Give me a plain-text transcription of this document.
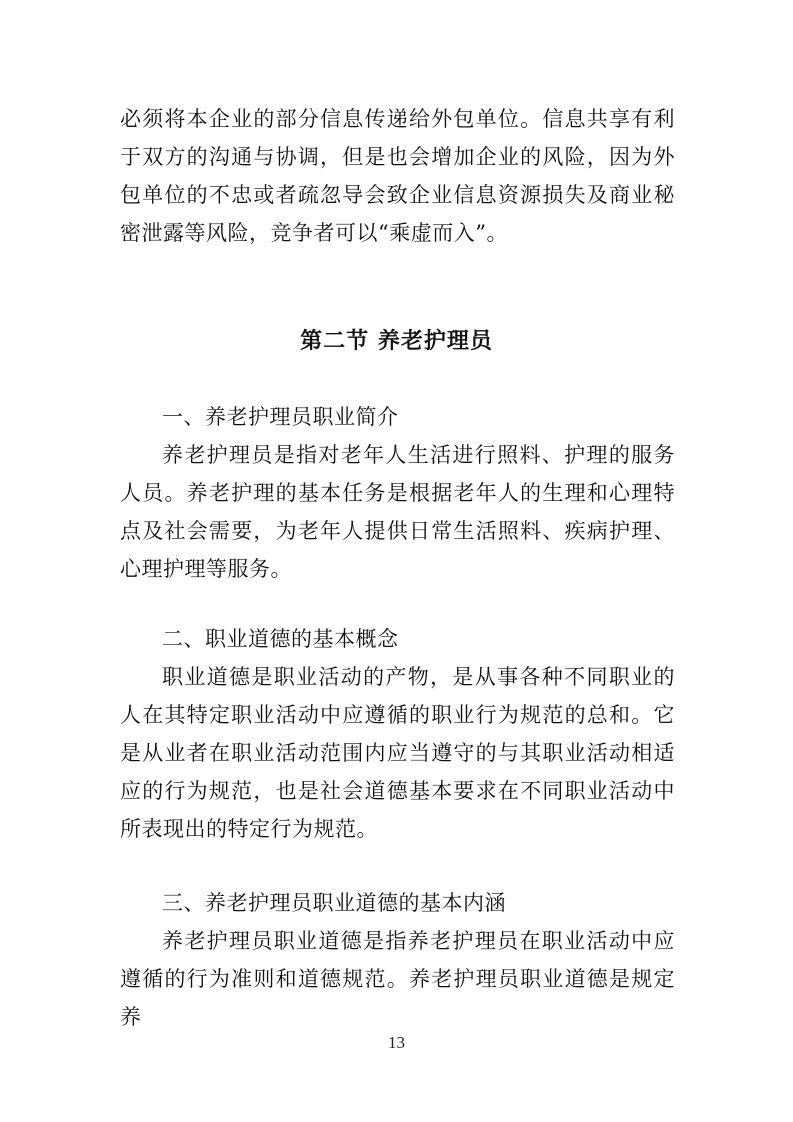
必须将本企业的部分信息传递给外包单位。信息共享有利于双方的沟通与协调，但是也会增加企业的风险，因为外包单位的不忠或者疏忽导会致企业信息资源损失及商业秘密泄露等风险，竞争者可以“乘虚而入”。

第二节 养老护理员

一、养老护理员职业简介

养老护理员是指对老年人生活进行照料、护理的服务人员。养老护理的基本任务是根据老年人的生理和心理特点及社会需要，为老年人提供日常生活照料、疾病护理、心理护理等服务。

二、职业道德的基本概念

职业道德是职业活动的产物，是从事各种不同职业的人在其特定职业活动中应遵循的职业行为规范的总和。它是从业者在职业活动范围内应当遵守的与其职业活动相适应的行为规范，也是社会道德基本要求在不同职业活动中所表现出的特定行为规范。

三、养老护理员职业道德的基本内涵

养老护理员职业道德是指养老护理员在职业活动中应遵循的行为准则和道德规范。养老护理员职业道德是规定养

13
